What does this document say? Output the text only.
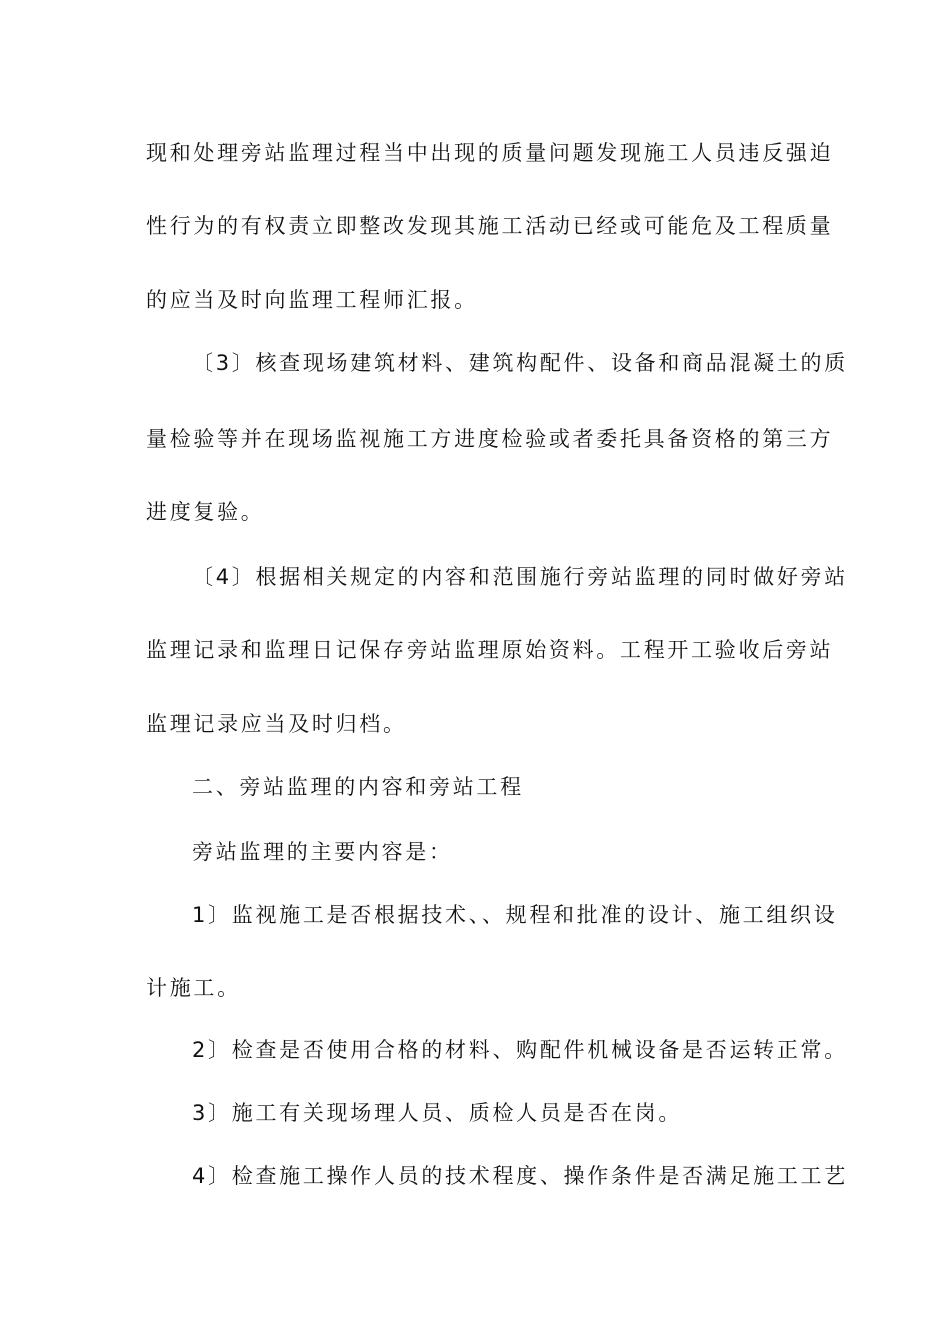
现和处理旁站监理过程当中出现的质量问题发现施工人员违反强迫
性行为的有权责立即整改发现其施工活动已经或可能危及工程质量
的应当及时向监理工程师汇报。
〔3〕核查现场建筑材料、建筑构配件、设备和商品混凝土的质
量检验等并在现场监视施工方进度检验或者委托具备资格的第三方
进度复验。
〔4〕根据相关规定的内容和范围施行旁站监理的同时做好旁站
监理记录和监理日记保存旁站监理原始资料。工程开工验收后旁站
监理记录应当及时归档。
二、旁站监理的内容和旁站工程
旁站监理的主要内容是：
1〕监视施工是否根据技术、、规程和批准的设计、施工组织设
计施工。
2〕检查是否使用合格的材料、购配件机械设备是否运转正常。
3〕施工有关现场理人员、质检人员是否在岗。
4〕检查施工操作人员的技术程度、操作条件是否满足施工工艺
